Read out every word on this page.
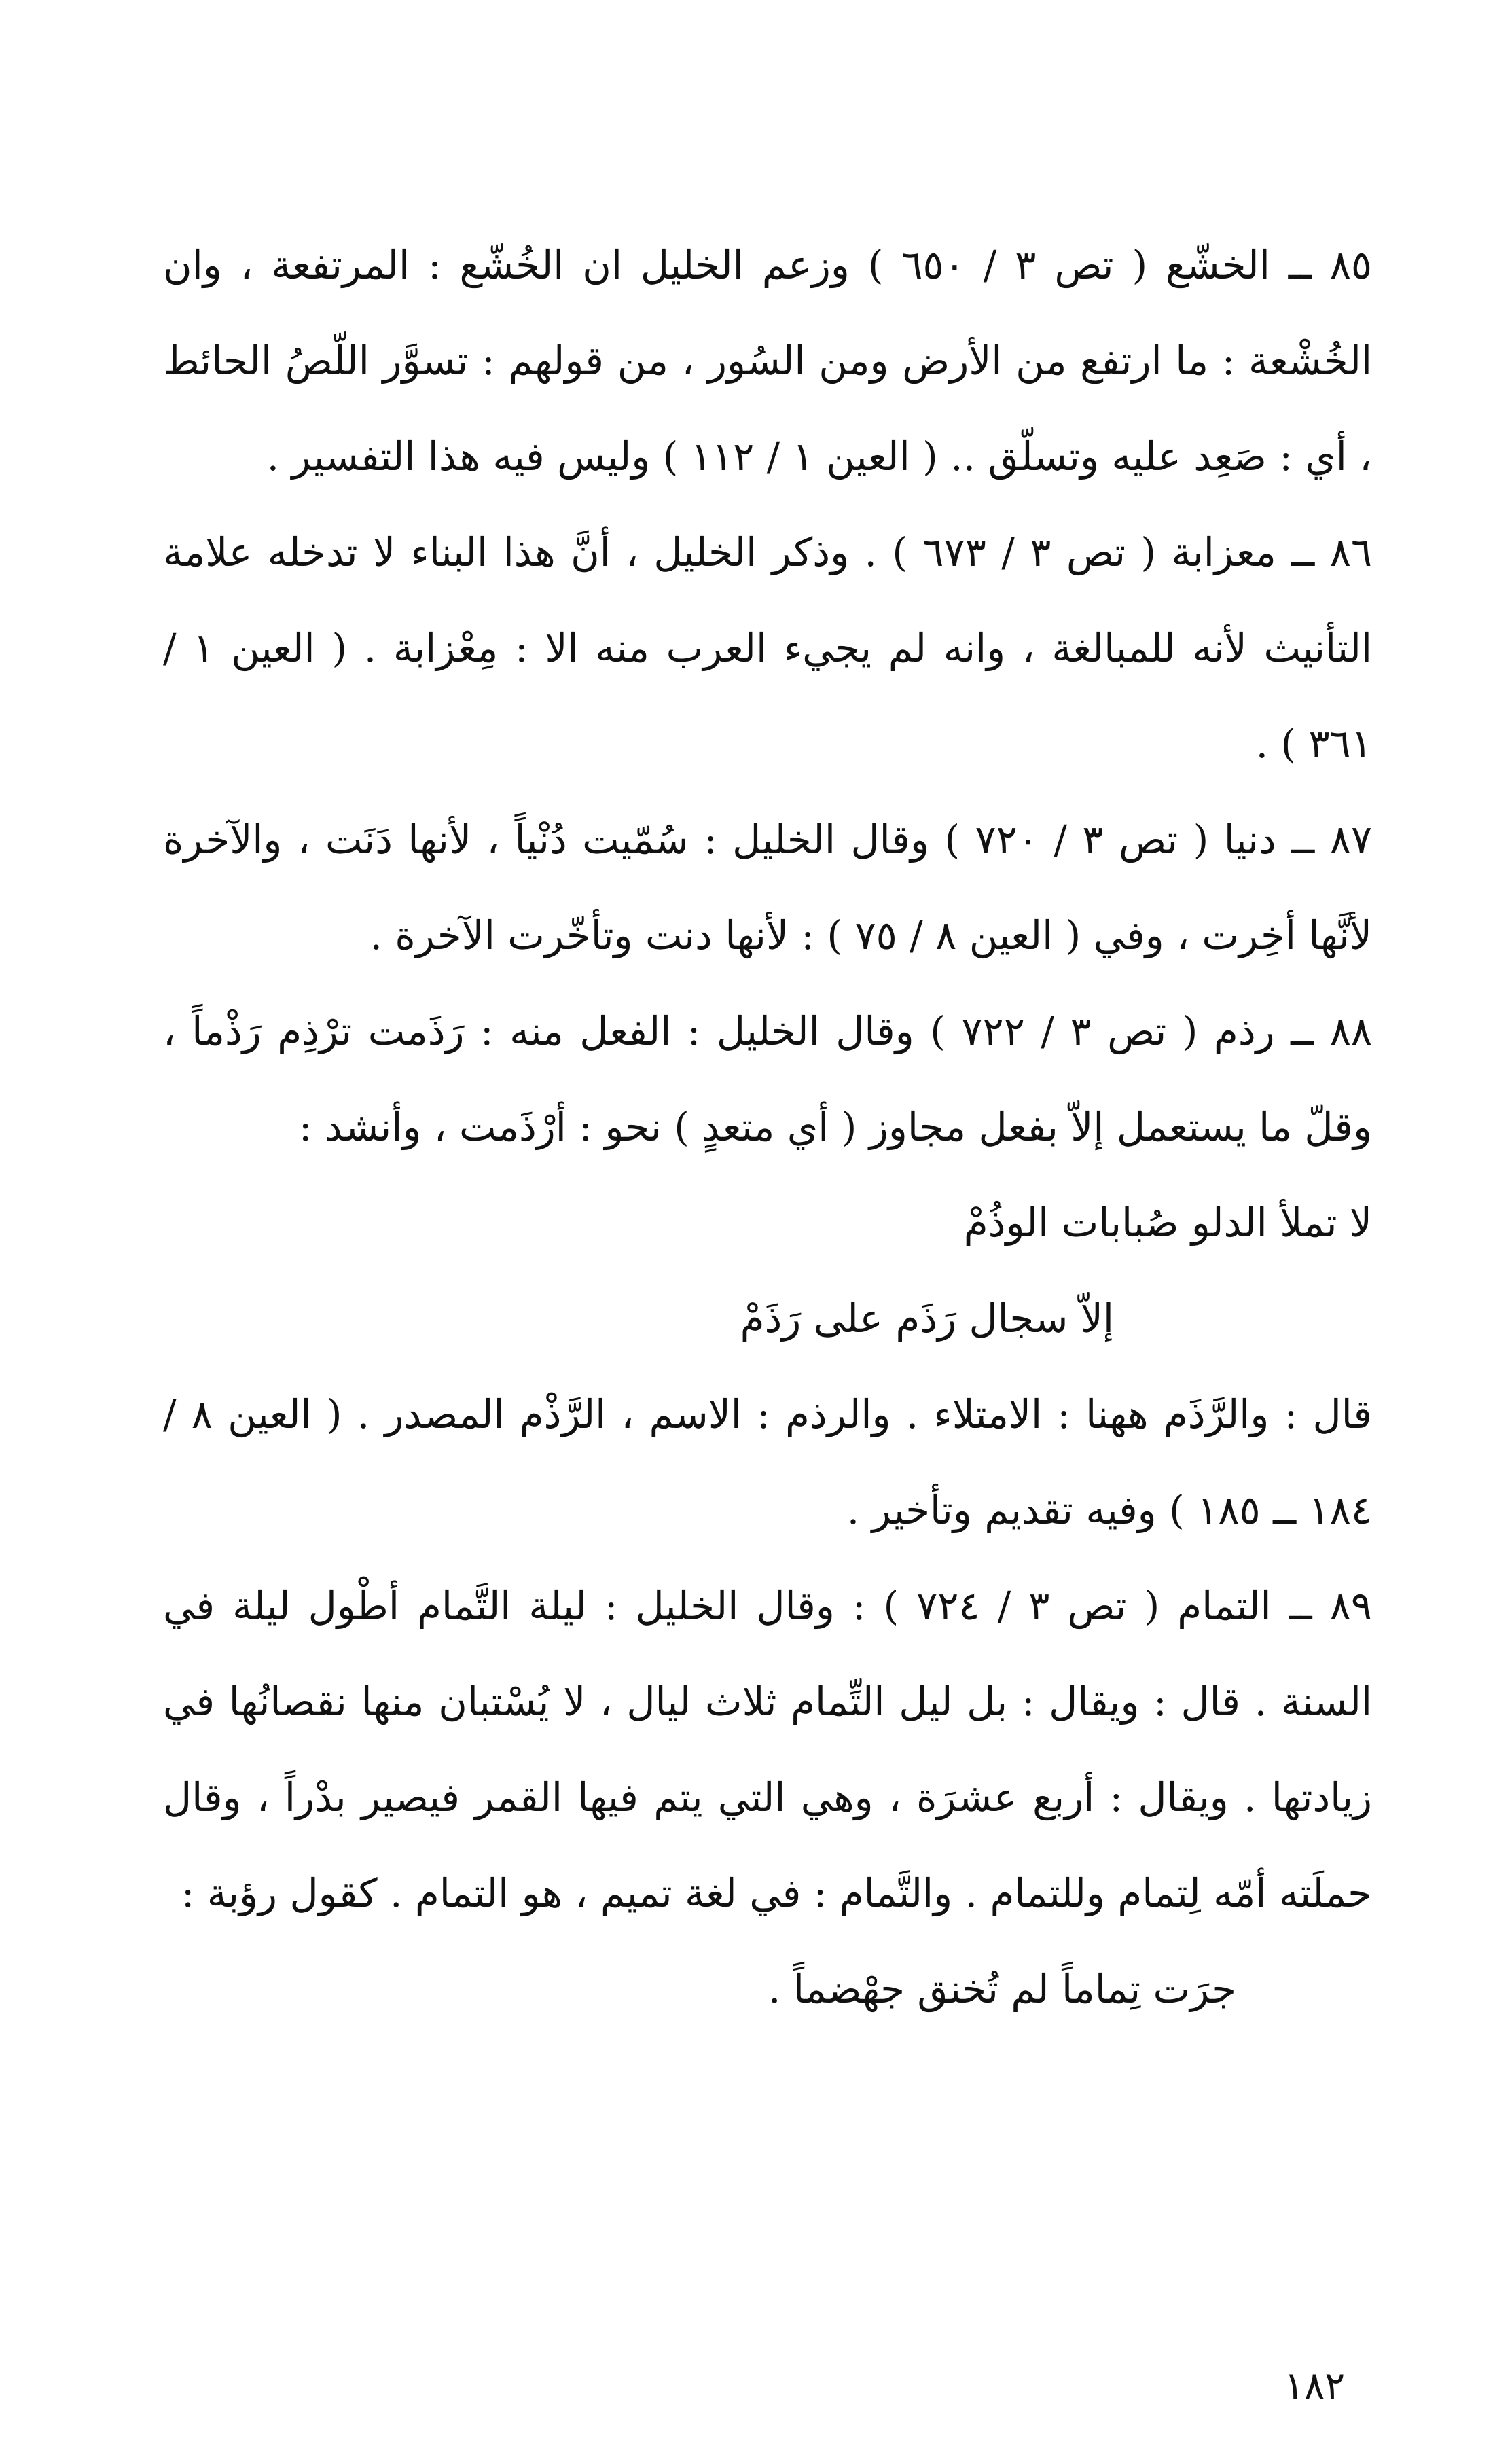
٨٥ ــ الخشّع ( تص ٣ / ٦٥٠ ) وزعم الخليل ان الخُشّع : المرتفعة ، وان الخُشْعة : ما ارتفع من الأرض ومن السُور ، من قولهم : تسوَّر اللّصُ الحائط ، أي : صَعِد عليه وتسلّق .. ( العين ١ / ١١٢ ) وليس فيه هذا التفسير .

٨٦ ــ معزابة ( تص ٣ / ٦٧٣ ) . وذكر الخليل ، أنَّ هذا البناء لا تدخله علامة التأنيث لأنه للمبالغة ، وانه لم يجيء العرب منه الا : مِعْزابة . ( العين ١ / ٣٦١ ) .

٨٧ ــ دنيا ( تص ٣ / ٧٢٠ ) وقال الخليل : سُمّيت دُنْياً ، لأنها دَنَت ، والآخرة لأنَّها أخِرت ، وفي ( العين ٨ / ٧٥ ) : لأنها دنت وتأخّرت الآخرة .

٨٨ ــ رذم ( تص ٣ / ٧٢٢ ) وقال الخليل : الفعل منه : رَذَمت ترْذِم رَذْماً ، وقلّ ما يستعمل إلاّ بفعل مجاوز ( أي متعدٍ ) نحو : أرْذَمت ، وأنشد :

لا تملأ الدلو صُبابات الوذُمْ
إلاّ سجال رَذَم على رَذَمْ

قال : والرَّذَم ههنا : الامتلاء . والرذم : الاسم ، الرَّذْم المصدر . ( العين ٨ / ١٨٤ ــ ١٨٥ ) وفيه تقديم وتأخير .

٨٩ ــ التمام ( تص ٣ / ٧٢٤ ) : وقال الخليل : ليلة التَّمام أطْول ليلة في السنة . قال : ويقال : بل ليل التِّمام ثلاث ليال ، لا يُسْتبان منها نقصانُها في زيادتها . ويقال : أربع عشرَة ، وهي التي يتم فيها القمر فيصير بدْراً ، وقال حملَته أمّه لِتمام وللتمام . والتَّمام : في لغة تميم ، هو التمام . كقول رؤبة :

جرَت تِماماً لم تُخنق جهْضماً .
١٨٢
